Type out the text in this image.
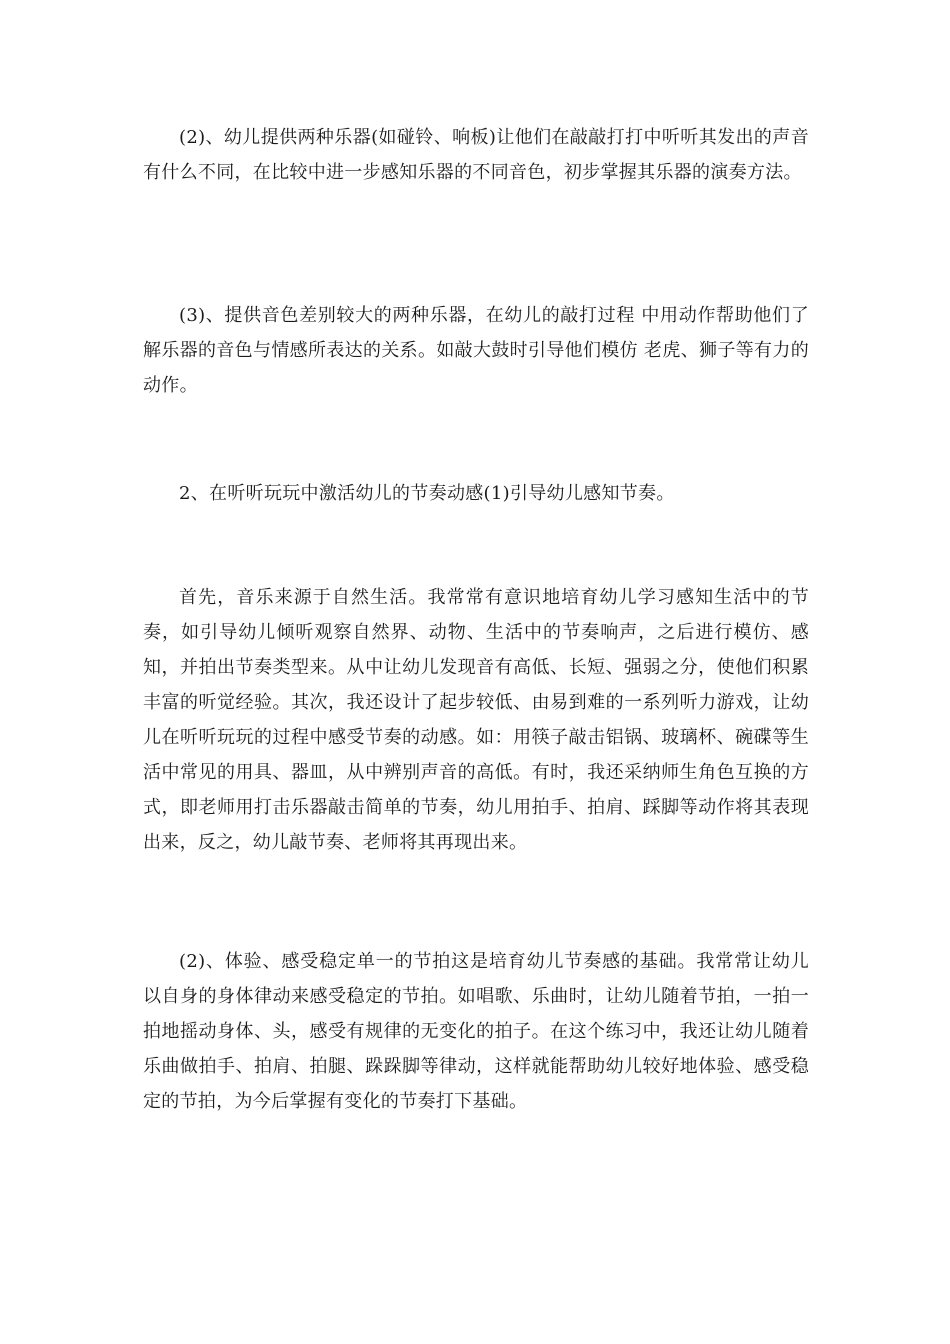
(2)、幼儿提供两种乐器(如碰铃、响板)让他们在敲敲打打中听听其发出的声音有什么不同，在比较中进一步感知乐器的不同音色，初步掌握其乐器的演奏方法。

(3)、提供音色差别较大的两种乐器，在幼儿的敲打过程 中用动作帮助他们了解乐器的音色与情感所表达的关系。如敲大鼓时引导他们模仿 老虎、狮子等有力的动作。

2、在听听玩玩中激活幼儿的节奏动感(1)引导幼儿感知节奏。

首先，音乐来源于自然生活。我常常有意识地培育幼儿学习感知生活中的节奏，如引导幼儿倾听观察自然界、动物、生活中的节奏响声，之后进行模仿、感知，并拍出节奏类型来。从中让幼儿发现音有高低、长短、强弱之分，使他们积累丰富的听觉经验。其次，我还设计了起步较低、由易到难的一系列听力游戏，让幼儿在听听玩玩的过程中感受节奏的动感。如：用筷子敲击铝锅、玻璃杯、碗碟等生活中常见的用具、器皿，从中辨别声音的高低。有时，我还采纳师生角色互换的方式，即老师用打击乐器敲击简单的节奏，幼儿用拍手、拍肩、踩脚等动作将其表现出来，反之，幼儿敲节奏、老师将其再现出来。

(2)、体验、感受稳定单一的节拍这是培育幼儿节奏感的基础。我常常让幼儿以自身的身体律动来感受稳定的节拍。如唱歌、乐曲时，让幼儿随着节拍，一拍一拍地摇动身体、头，感受有规律的无变化的拍子。在这个练习中，我还让幼儿随着乐曲做拍手、拍肩、拍腿、跺跺脚等律动，这样就能帮助幼儿较好地体验、感受稳定的节拍，为今后掌握有变化的节奏打下基础。
